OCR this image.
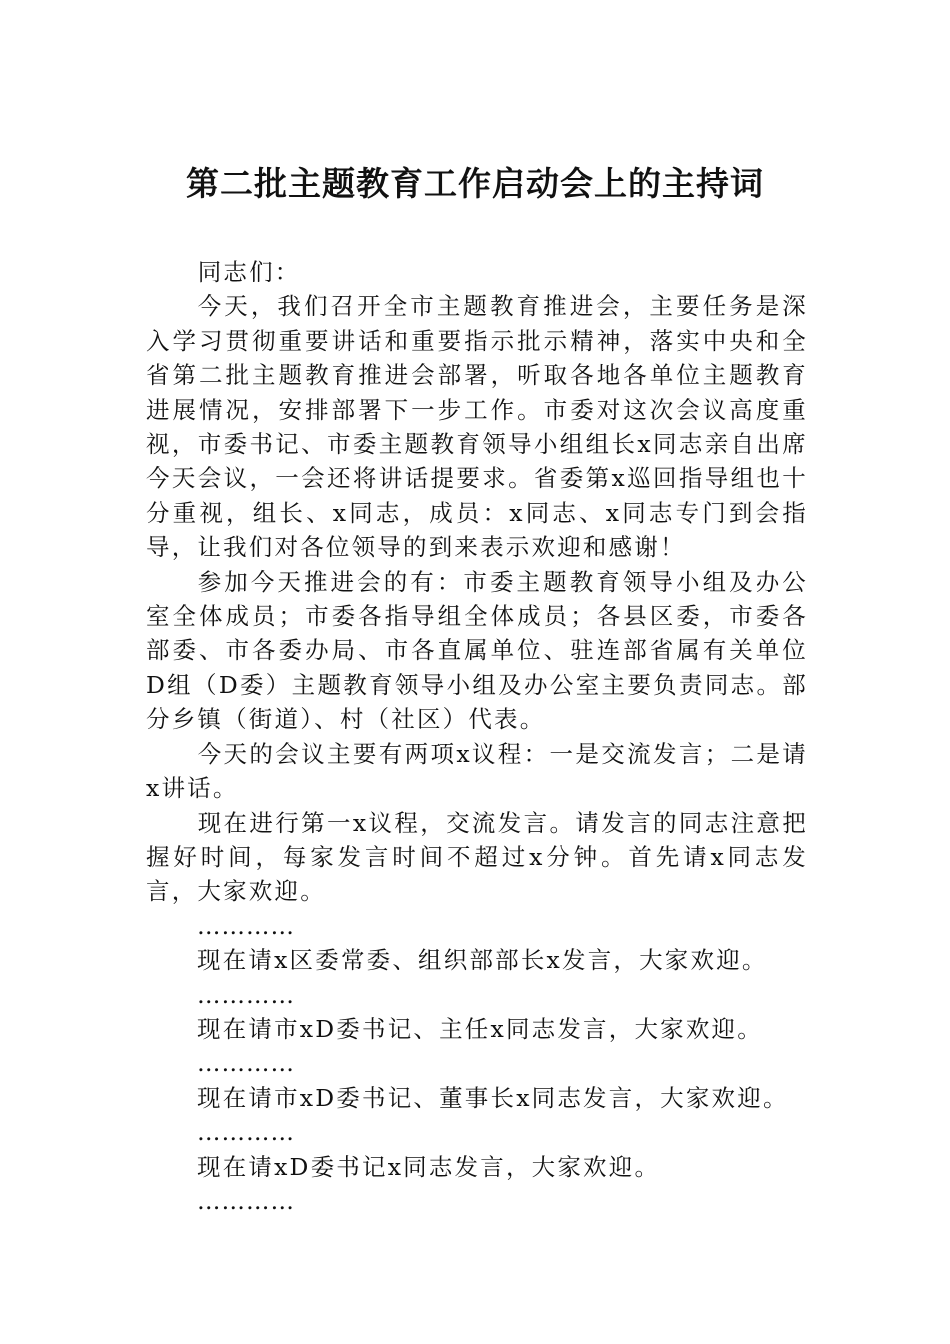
第二批主题教育工作启动会上的主持词

同志们：

今天，我们召开全市主题教育推进会，主要任务是深入学习贯彻重要讲话和重要指示批示精神，落实中央和全省第二批主题教育推进会部署，听取各地各单位主题教育进展情况，安排部署下一步工作。市委对这次会议高度重视，市委书记、市委主题教育领导小组组长x同志亲自出席今天会议，一会还将讲话提要求。省委第x巡回指导组也十分重视，组长、x同志，成员：x同志、x同志专门到会指导，让我们对各位领导的到来表示欢迎和感谢！

参加今天推进会的有：市委主题教育领导小组及办公室全体成员；市委各指导组全体成员；各县区委，市委各部委、市各委办局、市各直属单位、驻连部省属有关单位D组（D委）主题教育领导小组及办公室主要负责同志。部分乡镇（街道）、村（社区）代表。

今天的会议主要有两项x议程：一是交流发言；二是请x讲话。

现在进行第一x议程，交流发言。请发言的同志注意把握好时间，每家发言时间不超过x分钟。首先请x同志发言，大家欢迎。

…………

现在请x区委常委、组织部部长x发言，大家欢迎。

…………

现在请市xD委书记、主任x同志发言，大家欢迎。

…………

现在请市xD委书记、董事长x同志发言，大家欢迎。

…………

现在请xD委书记x同志发言，大家欢迎。

…………
